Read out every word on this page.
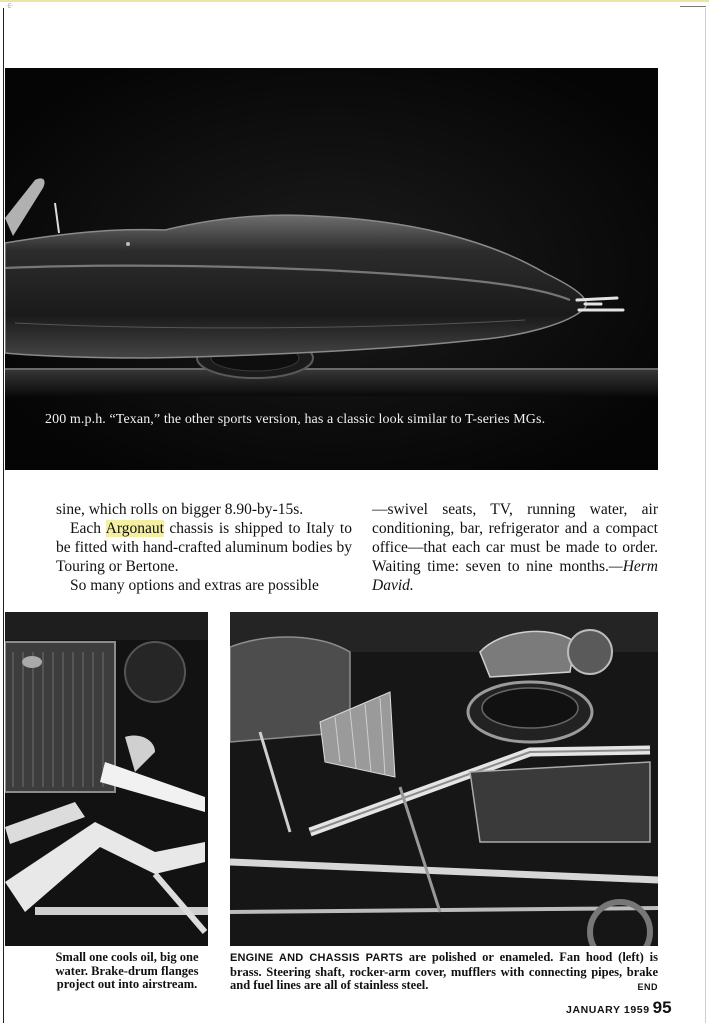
·E·
200 m.p.h. “Texan,” the other sports version, has a classic look similar to T-series MGs.

sine, which rolls on bigger 8.90-by-15s.

Each Argonaut chassis is shipped to Italy to be fitted with hand-crafted aluminum bodies by Touring or Bertone.

So many options and extras are possible

—swivel seats, TV, running water, air conditioning, bar, refrigerator and a compact office—that each car must be made to order. Waiting time: seven to nine months.—Herm David.

Small one cools oil, big one water. Brake-drum flanges project out into airstream.
ENGINE AND CHASSIS PARTS are polished or enameled. Fan hood (left) is brass. Steering shaft, rocker-arm cover, mufflers with connecting pipes, brake and fuel lines are all of stainless steel.	END
JANUARY 1959 95
